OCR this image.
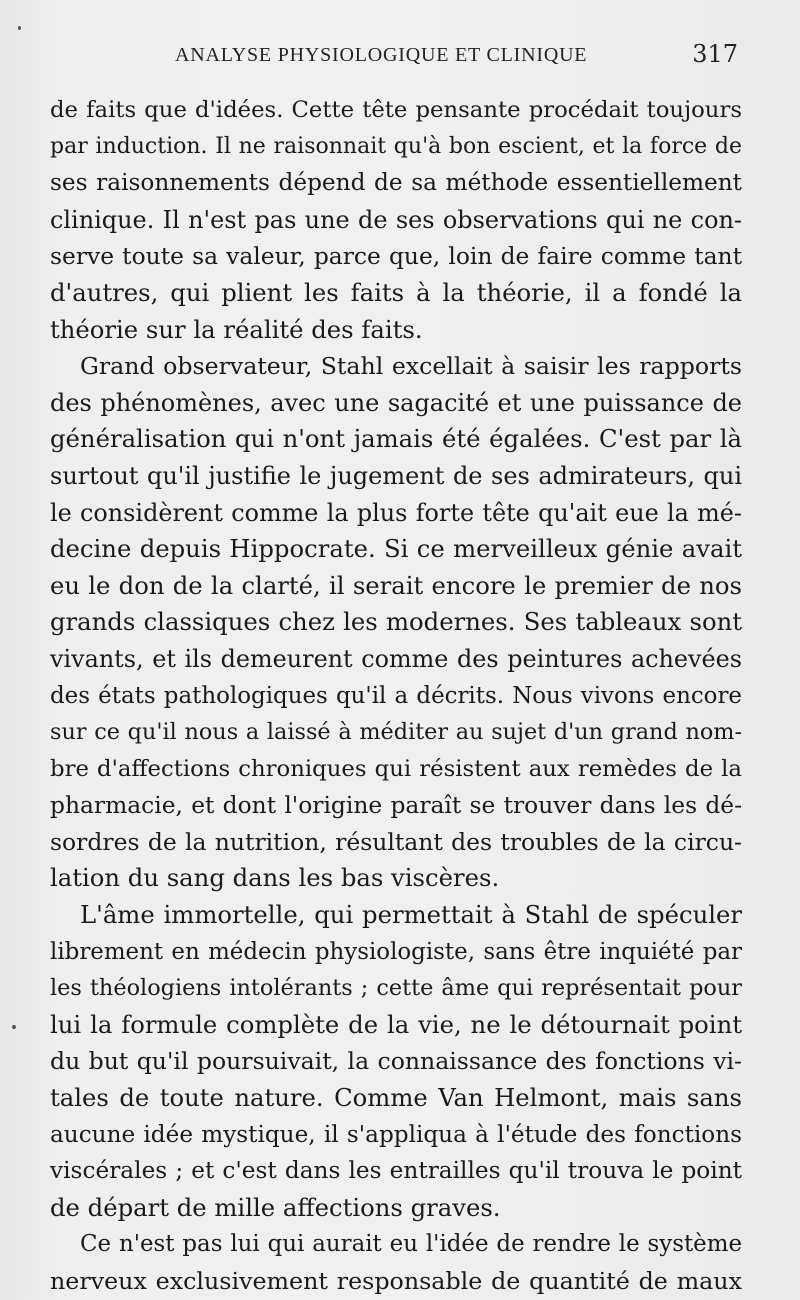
ANALYSE PHYSIOLOGIQUE ET CLINIQUE	317
de faits que d'idées. Cette tête pensante procédait toujours
par induction. Il ne raisonnait qu'à bon escient, et la force de
ses raisonnements dépend de sa méthode essentiellement
clinique. Il n'est pas une de ses observations qui ne con-
serve toute sa valeur, parce que, loin de faire comme tant
d'autres, qui plient les faits à la théorie, il a fondé la
théorie sur la réalité des faits.
Grand observateur, Stahl excellait à saisir les rapports
des phénomènes, avec une sagacité et une puissance de
généralisation qui n'ont jamais été égalées. C'est par là
surtout qu'il justifie le jugement de ses admirateurs, qui
le considèrent comme la plus forte tête qu'ait eue la mé-
decine depuis Hippocrate. Si ce merveilleux génie avait
eu le don de la clarté, il serait encore le premier de nos
grands classiques chez les modernes. Ses tableaux sont
vivants, et ils demeurent comme des peintures achevées
des états pathologiques qu'il a décrits. Nous vivons encore
sur ce qu'il nous a laissé à méditer au sujet d'un grand nom-
bre d'affections chroniques qui résistent aux remèdes de la
pharmacie, et dont l'origine paraît se trouver dans les dé-
sordres de la nutrition, résultant des troubles de la circu-
lation du sang dans les bas viscères.
L'âme immortelle, qui permettait à Stahl de spéculer
librement en médecin physiologiste, sans être inquiété par
les théologiens intolérants ; cette âme qui représentait pour
lui la formule complète de la vie, ne le détournait point
du but qu'il poursuivait, la connaissance des fonctions vi-
tales de toute nature. Comme Van Helmont, mais sans
aucune idée mystique, il s'appliqua à l'étude des fonctions
viscérales ; et c'est dans les entrailles qu'il trouva le point
de départ de mille affections graves.
Ce n'est pas lui qui aurait eu l'idée de rendre le système
nerveux exclusivement responsable de quantité de maux
